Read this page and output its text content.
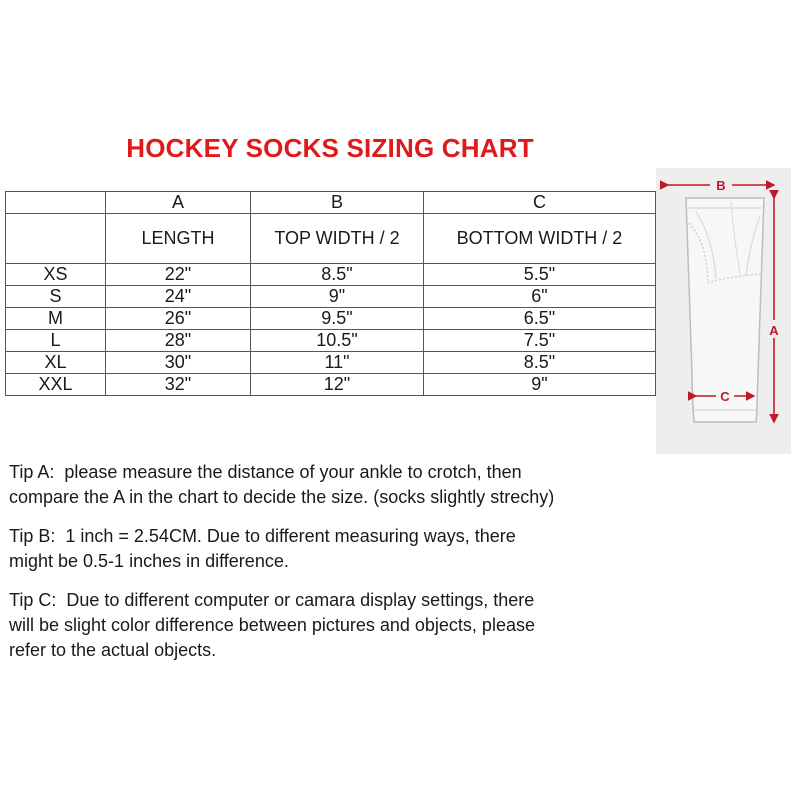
HOCKEY SOCKS SIZING CHART
	A	B	C
	LENGTH	TOP WIDTH / 2	BOTTOM WIDTH / 2
XS	22"	8.5"	5.5"
S	24"	9"	6"
M	26"	9.5"	6.5"
L	28"	10.5"	7.5"
XL	30"	11"	8.5"
XXL	32"	12"	9"
B
A
C
Tip A:  please measure the distance of your ankle to crotch, then
compare the A in the chart to decide the size. (socks slightly strechy)
Tip B:  1 inch = 2.54CM. Due to different measuring ways, there
might be 0.5-1 inches in difference.
Tip C:  Due to different computer or camara display settings, there
will be slight color difference between pictures and objects, please
refer to the actual objects.
